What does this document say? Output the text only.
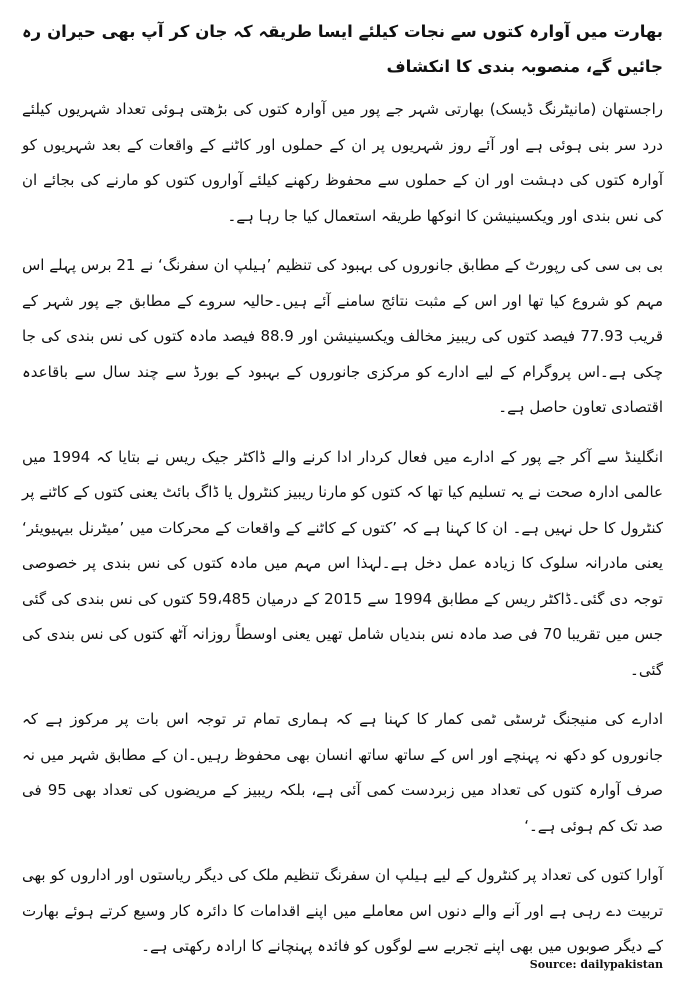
بھارت میں آوارہ کتوں سے نجات کیلئے ایسا طریقہ کہ جان کر آپ بھی حیران رہ جائیں گے، منصوبہ بندی کا انکشاف

راجستھان (مانیٹرنگ ڈیسک) بھارتی شہر جے پور میں آوارہ کتوں کی بڑھتی ہوئی تعداد شہریوں کیلئے درد سر بنی ہوئی ہے اور آئے روز شہریوں پر ان کے حملوں اور کاٹنے کے واقعات کے بعد شہریوں کو آوارہ کتوں کی دہشت اور ان کے حملوں سے محفوظ رکھنے کیلئے آواروں کتوں کو مارنے کی بجائے ان کی نس بندی اور ویکسینیشن کا انوکھا طریقہ استعمال کیا جا رہا ہے۔

بی بی سی کی رپورٹ کے مطابق جانوروں کی بہبود کی تنظیم ’ہیلپ ان سفرنگ‘ نے 21 برس پہلے اس مہم کو شروع کیا تھا اور اس کے مثبت نتائج سامنے آئے ہیں۔حالیہ سروے کے مطابق جے پور شہر کے قریب 77.93 فیصد کتوں کی ریبیز مخالف ویکسینیشن اور 88.9 فیصد مادہ کتوں کی نس بندی کی جا چکی ہے۔اس پروگرام کے لیے ادارے کو مرکزی جانوروں کے بہبود کے بورڈ سے چند سال سے باقاعدہ اقتصادی تعاون حاصل ہے۔

انگلینڈ سے آکر جے پور کے ادارے میں فعال کردار ادا کرنے والے ڈاکٹر جیک ریس نے بتایا کہ 1994 میں عالمی ادارہ صحت نے یہ تسلیم کیا تھا کہ کتوں کو مارنا ریبیز کنٹرول یا ڈاگ بائٹ یعنی کتوں کے کاٹنے پر کنٹرول کا حل نہیں ہے۔ ان کا کہنا ہے کہ ’کتوں کے کاٹنے کے واقعات کے محرکات میں ’میٹرنل بیہیویئر‘ یعنی مادرانہ سلوک کا زیادہ عمل دخل ہے۔لہذا اس مہم میں مادہ کتوں کی نس بندی پر خصوصی توجہ دی گئی۔ڈاکٹر ریس کے مطابق 1994 سے 2015 کے درمیان 59،485 کتوں کی نس بندی کی گئی جس میں تقریبا 70 فی صد مادہ نس بندیاں شامل تھیں یعنی اوسطاً روزانہ آٹھ کتوں کی نس بندی کی گئی۔

ادارے کی منیجنگ ٹرسٹی ٹمی کمار کا کہنا ہے کہ ہماری تمام تر توجہ اس بات پر مرکوز ہے کہ جانوروں کو دکھ نہ پہنچے اور اس کے ساتھ ساتھ انسان بھی محفوظ رہیں۔ان کے مطابق شہر میں نہ صرف آوارہ کتوں کی تعداد میں زبردست کمی آئی ہے، بلکہ ریبیز کے مریضوں کی تعداد بھی 95 فی صد تک کم ہوئی ہے۔‘

آوارا کتوں کی تعداد پر کنٹرول کے لیے ہیلپ ان سفرنگ تنظیم ملک کی دیگر ریاستوں اور اداروں کو بھی تربیت دے رہی ہے اور آنے والے دنوں اس معاملے میں اپنے اقدامات کا دائرہ کار وسیع کرتے ہوئے بھارت کے دیگر صوبوں میں بھی اپنے تجربے سے لوگوں کو فائدہ پہنچانے کا ارادہ رکھتی ہے۔

Source: dailypakistan
